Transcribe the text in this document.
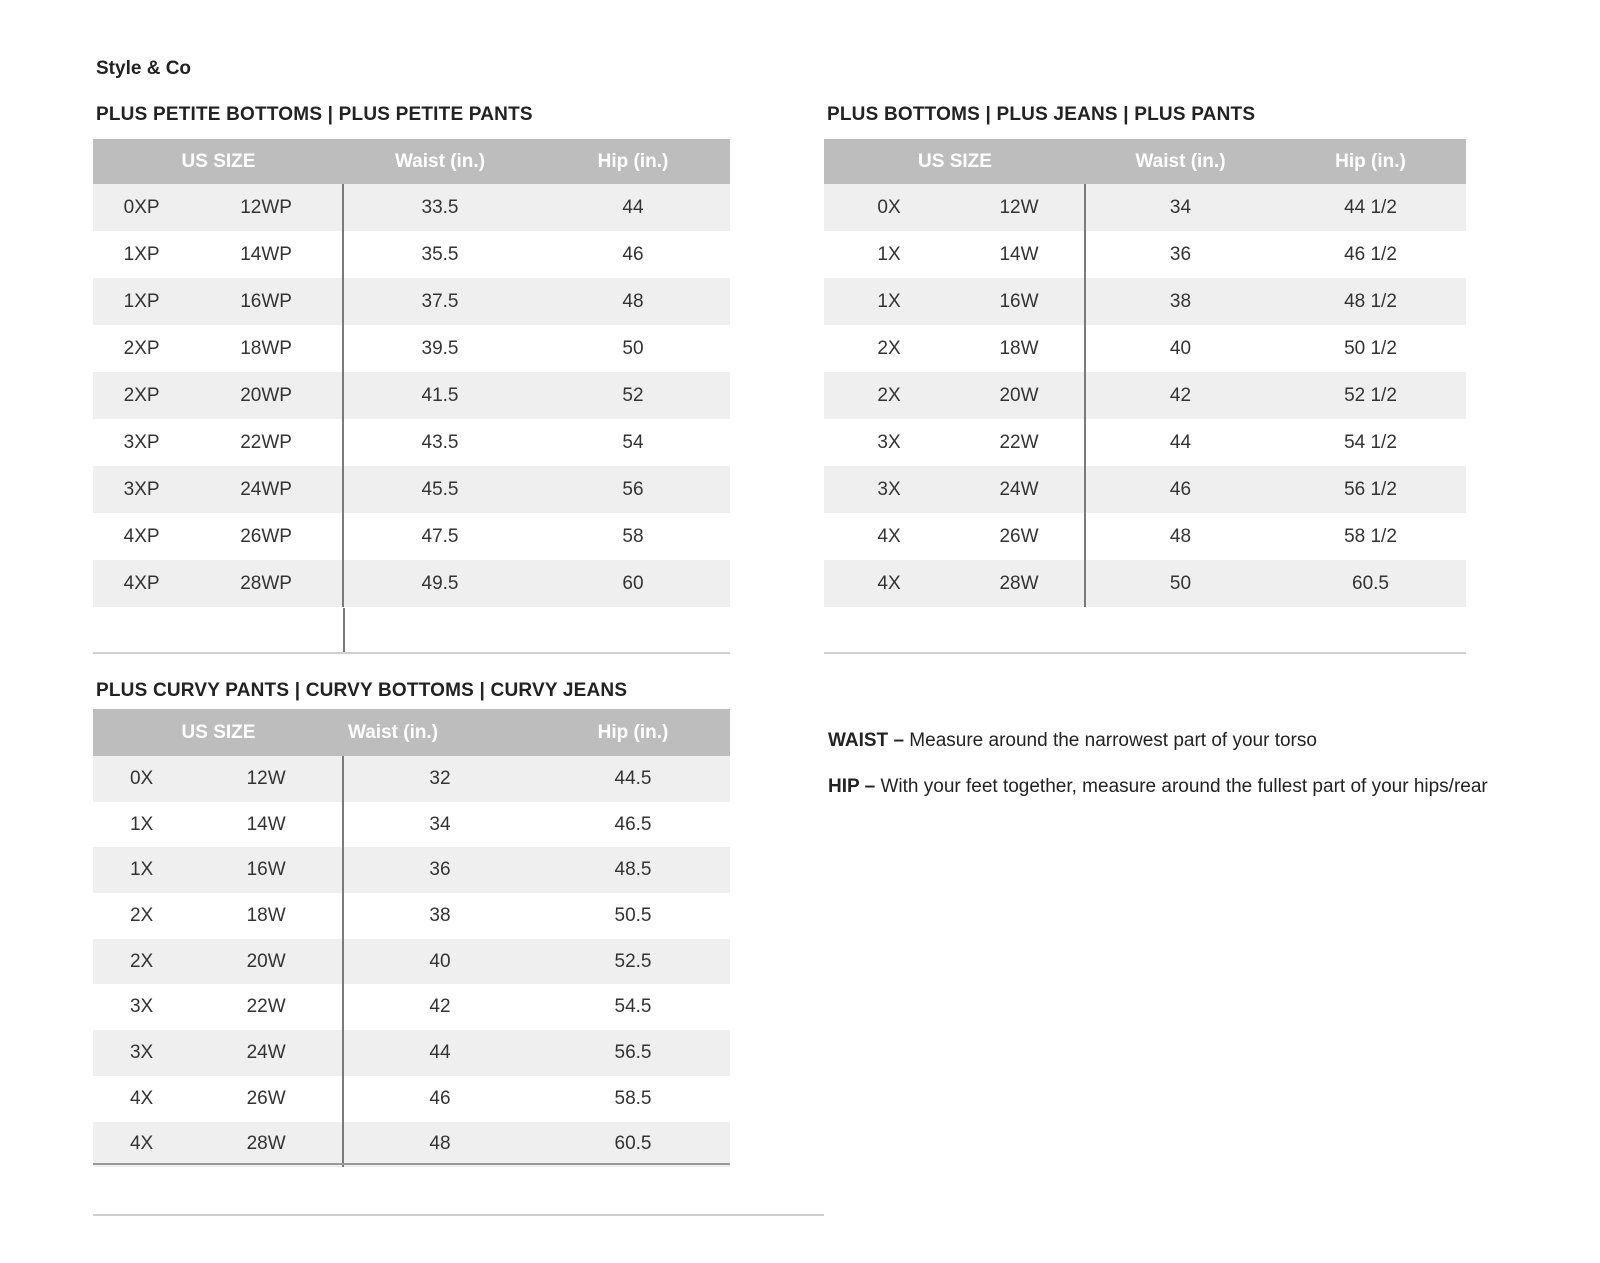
Style & Co
PLUS PETITE BOTTOMS | PLUS PETITE PANTS
US SIZE	Waist (in.)	Hip (in.)
0XP	12WP	33.5	44
1XP	14WP	35.5	46
1XP	16WP	37.5	48
2XP	18WP	39.5	50
2XP	20WP	41.5	52
3XP	22WP	43.5	54
3XP	24WP	45.5	56
4XP	26WP	47.5	58
4XP	28WP	49.5	60
PLUS BOTTOMS | PLUS JEANS | PLUS PANTS
US SIZE	Waist (in.)	Hip (in.)
0X	12W	34	44 1/2
1X	14W	36	46 1/2
1X	16W	38	48 1/2
2X	18W	40	50 1/2
2X	20W	42	52 1/2
3X	22W	44	54 1/2
3X	24W	46	56 1/2
4X	26W	48	58 1/2
4X	28W	50	60.5
PLUS CURVY PANTS | CURVY BOTTOMS | CURVY JEANS
US SIZE	Waist (in.)	Hip (in.)
0X	12W	32	44.5
1X	14W	34	46.5
1X	16W	36	48.5
2X	18W	38	50.5
2X	20W	40	52.5
3X	22W	42	54.5
3X	24W	44	56.5
4X	26W	46	58.5
4X	28W	48	60.5
WAIST – Measure around the narrowest part of your torso
HIP – With your feet together, measure around the fullest part of your hips/rear
